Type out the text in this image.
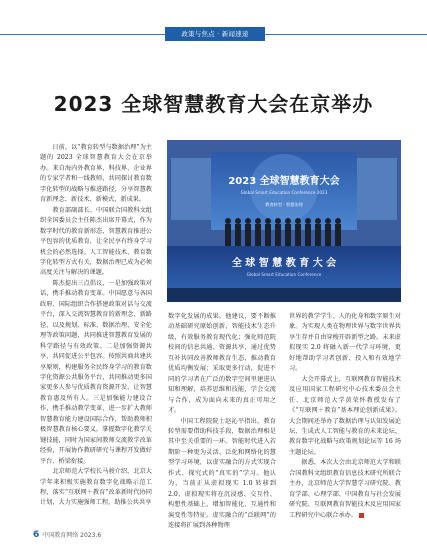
政策与焦点 · 新闻速递
2023 全球智慧教育大会在京举办
2023 全球智慧教育大会
Global Smart Education Conference 2023
教育转型 · 智慧治理
全 球 智 慧 教 育 大 会
Global Smart Education Conference

日前，以“教育转型与数据治理”为主题的 2023 全球智慧教育大会在京举办。来自海内外教育界、科技界、企业界的专家学者和一线教师，共同探讨教育数字化转型的战略与推进路径，分享智慧教育新理念、新技术、新模式、新成果。

教育部副部长、中国联合国教科文组织全国委员会主任陈杰出席开幕式，作为数字时代的教育新形态，智慧教育推进公平包容的优质教育，让全民享有终身学习机会的必然选择。人工智能技术、教育数字化转型方式有关，数据治理已成为必须高度关注与解决的课题。

陈杰提出三点倡议，一是加强政策对话，携手推动教育变革。中国愿意与各国政府、国际组织合作搭建政策对话与交流平台，深入交流智慧教育的新理念、新路径、以及规划、标准、数据治理、安全伦理等政策问题，共同推进智慧教育发展的科学路径与有效政策。二是加强资源共享，共同促进公平包容。按照共商共建共享原则，构建服务全民终身学习的教育数字化资源公共服务平台，共同推动更多国家更多人参与优质教育资源开发，让智慧教育惠及所有人。三是加强能力建设合作，携手推动教学变革，进一步扩大教师智慧教育能力建设国际合作，帮助教师积极智慧教育核心要义，掌握数字化教学关键技能，同时为国家间教师交流教学改革经验，开展协作教研研究与课程开发做好平台、桥梁衔接。

北京师范大学校长马骏介绍，北京大学年来积极实施教育数字化战略示范工程，落实“互联网＋教育”改革新时代协同计划，大力实施强师工程，助推公共共享

数字化发展的成果。他建议，要不断推动基础研究原始创新，智能技术生态升级，有效服务教育现代化；强化师范院校间的信息共通、资源共享，通过优势互补共同改善教师教育生态，推动教育优质均衡发展；采取更多行动，促进不同的学习者在广泛的数字空间里建进认知和理解，培养思维和技能，学会交流与合作，成为面向未来的真正可用之才。

中国工程院院士赵沁平指出，教育转型需要借助科技手段，数据治理相是其中至关重要的一环。智能时代进入若期阶一种更为灵活、泛化和网络化的慧型学习环境，以虚实融合的方式实现合作式、探究式的“真实的”学习。他认为，当前正从虚拟现实 1.0 转移到 2.0、虚拟现实将在沉浸感、交互性、构想性基础上，增加智能化、互通性和演变性等特征。虚实融合的“泛联网”的连接将扩展到各种物理

世界的教学学生、人的化身和数字原生对象。为实现人类在物理世界与数字世界共享生存并自由穿梭开辟新型之路。未来虚拟现实 2.0 将融入新一代学习环境，更好地帮助学习者创新、投入和有效地学习。

大会开幕式上，互联网教育智能技术及应用国家工程研究中心技术委员会主任、北京师范大学黄荣怀教授发布了《“互联网＋教育”基本理论创新成果》。大会期间还举办了数据治理与认知发展论坛、生成式人工智能与教育的未来论坛、教育数字化战略与政策规划论坛等 16 场主题论坛。

据悉，本次大会由北京师范大学和联合国教科文组织教育信息技术研究所联合主办，北京师范大学智慧学习研究院、教育学部、心理学部、中国教育与社会发展研究院、互联网教育智能技术及应用国家工程研究中心联合承办。

6 中国教育网络 2023.6
